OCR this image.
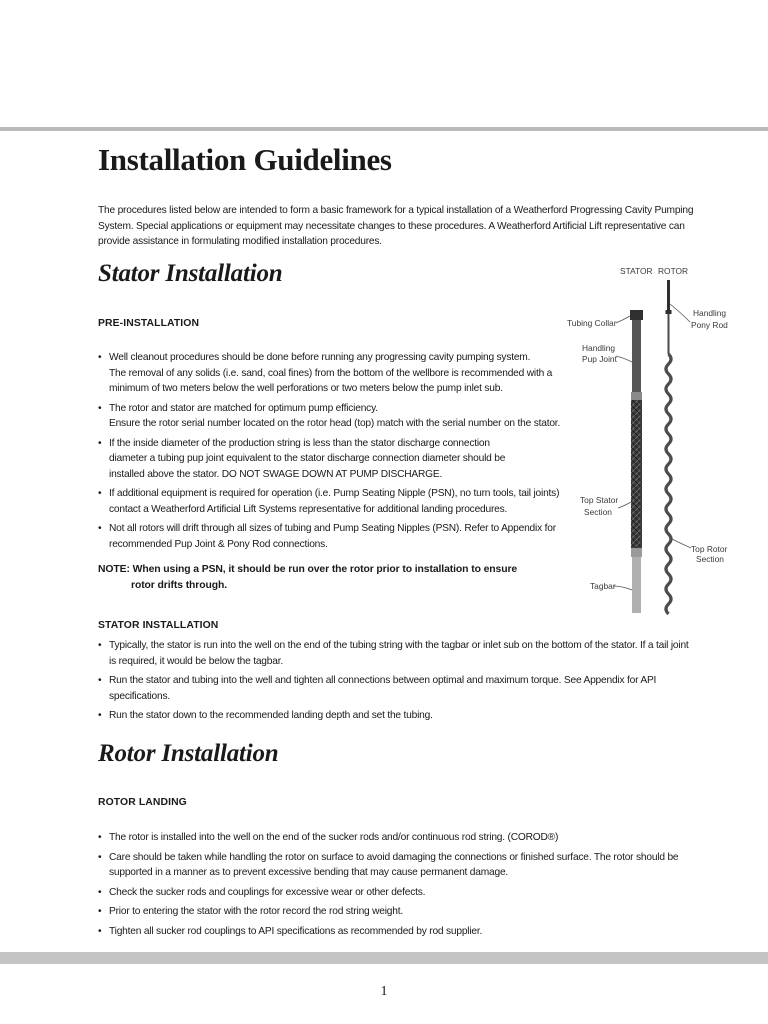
Installation Guidelines

The procedures listed below are intended to form a basic framework for a typical installation of a Weatherford Progressing Cavity Pumping System. Special applications or equipment may necessitate changes to these procedures. A Weatherford Artificial Lift representative can provide assistance in formulating modified installation procedures.

Stator Installation
PRE-INSTALLATION
• Well cleanout procedures should be done before running any progressing cavity pumping system.
The removal of any solids (i.e. sand, coal fines) from the bottom of the wellbore is recommended with a
minimum of two meters below the well perforations or two meters below the pump inlet sub.
• The rotor and stator are matched for optimum pump efficiency.
Ensure the rotor serial number located on the rotor head (top) match with the serial number on the stator.
• If the inside diameter of the production string is less than the stator discharge connection
diameter a tubing pup joint equivalent to the stator discharge connection diameter should be
installed above the stator. DO NOT SWAGE DOWN AT PUMP DISCHARGE.
• If additional equipment is required for operation (i.e. Pump Seating Nipple (PSN), no turn tools, tail joints)
contact a Weatherford Artificial Lift Systems representative for additional landing procedures.
• Not all rotors will drift through all sizes of tubing and Pump Seating Nipples (PSN). Refer to Appendix for
recommended Pup Joint & Pony Rod connections.

NOTE: When using a PSN, it should be run over the rotor prior to installation to ensure
rotor drifts through.

STATOR INSTALLATION
• Typically, the stator is run into the well on the end of the tubing string with the tagbar or inlet sub on the bottom of the stator. If a tail joint
is required, it would be below the tagbar.
• Run the stator and tubing into the well and tighten all connections between optimal and maximum torque. See Appendix for API
specifications.
• Run the stator down to the recommended landing depth and set the tubing.
Rotor Installation
ROTOR LANDING
• The rotor is installed into the well on the end of the sucker rods and/or continuous rod string. (COROD®)
• Care should be taken while handling the rotor on surface to avoid damaging the connections or finished surface. The rotor should be
supported in a manner as to prevent excessive bending that may cause permanent damage.
• Check the sucker rods and couplings for excessive wear or other defects.
• Prior to entering the stator with the rotor record the rod string weight.
• Tighten all sucker rod couplings to API specifications as recommended by rod supplier.
STATOR ROTOR
Tubing Collar
Handling
Pup Joint
Top Stator
Section
Tagbar
Handling
Pony Rod
Top Rotor
Section
1
